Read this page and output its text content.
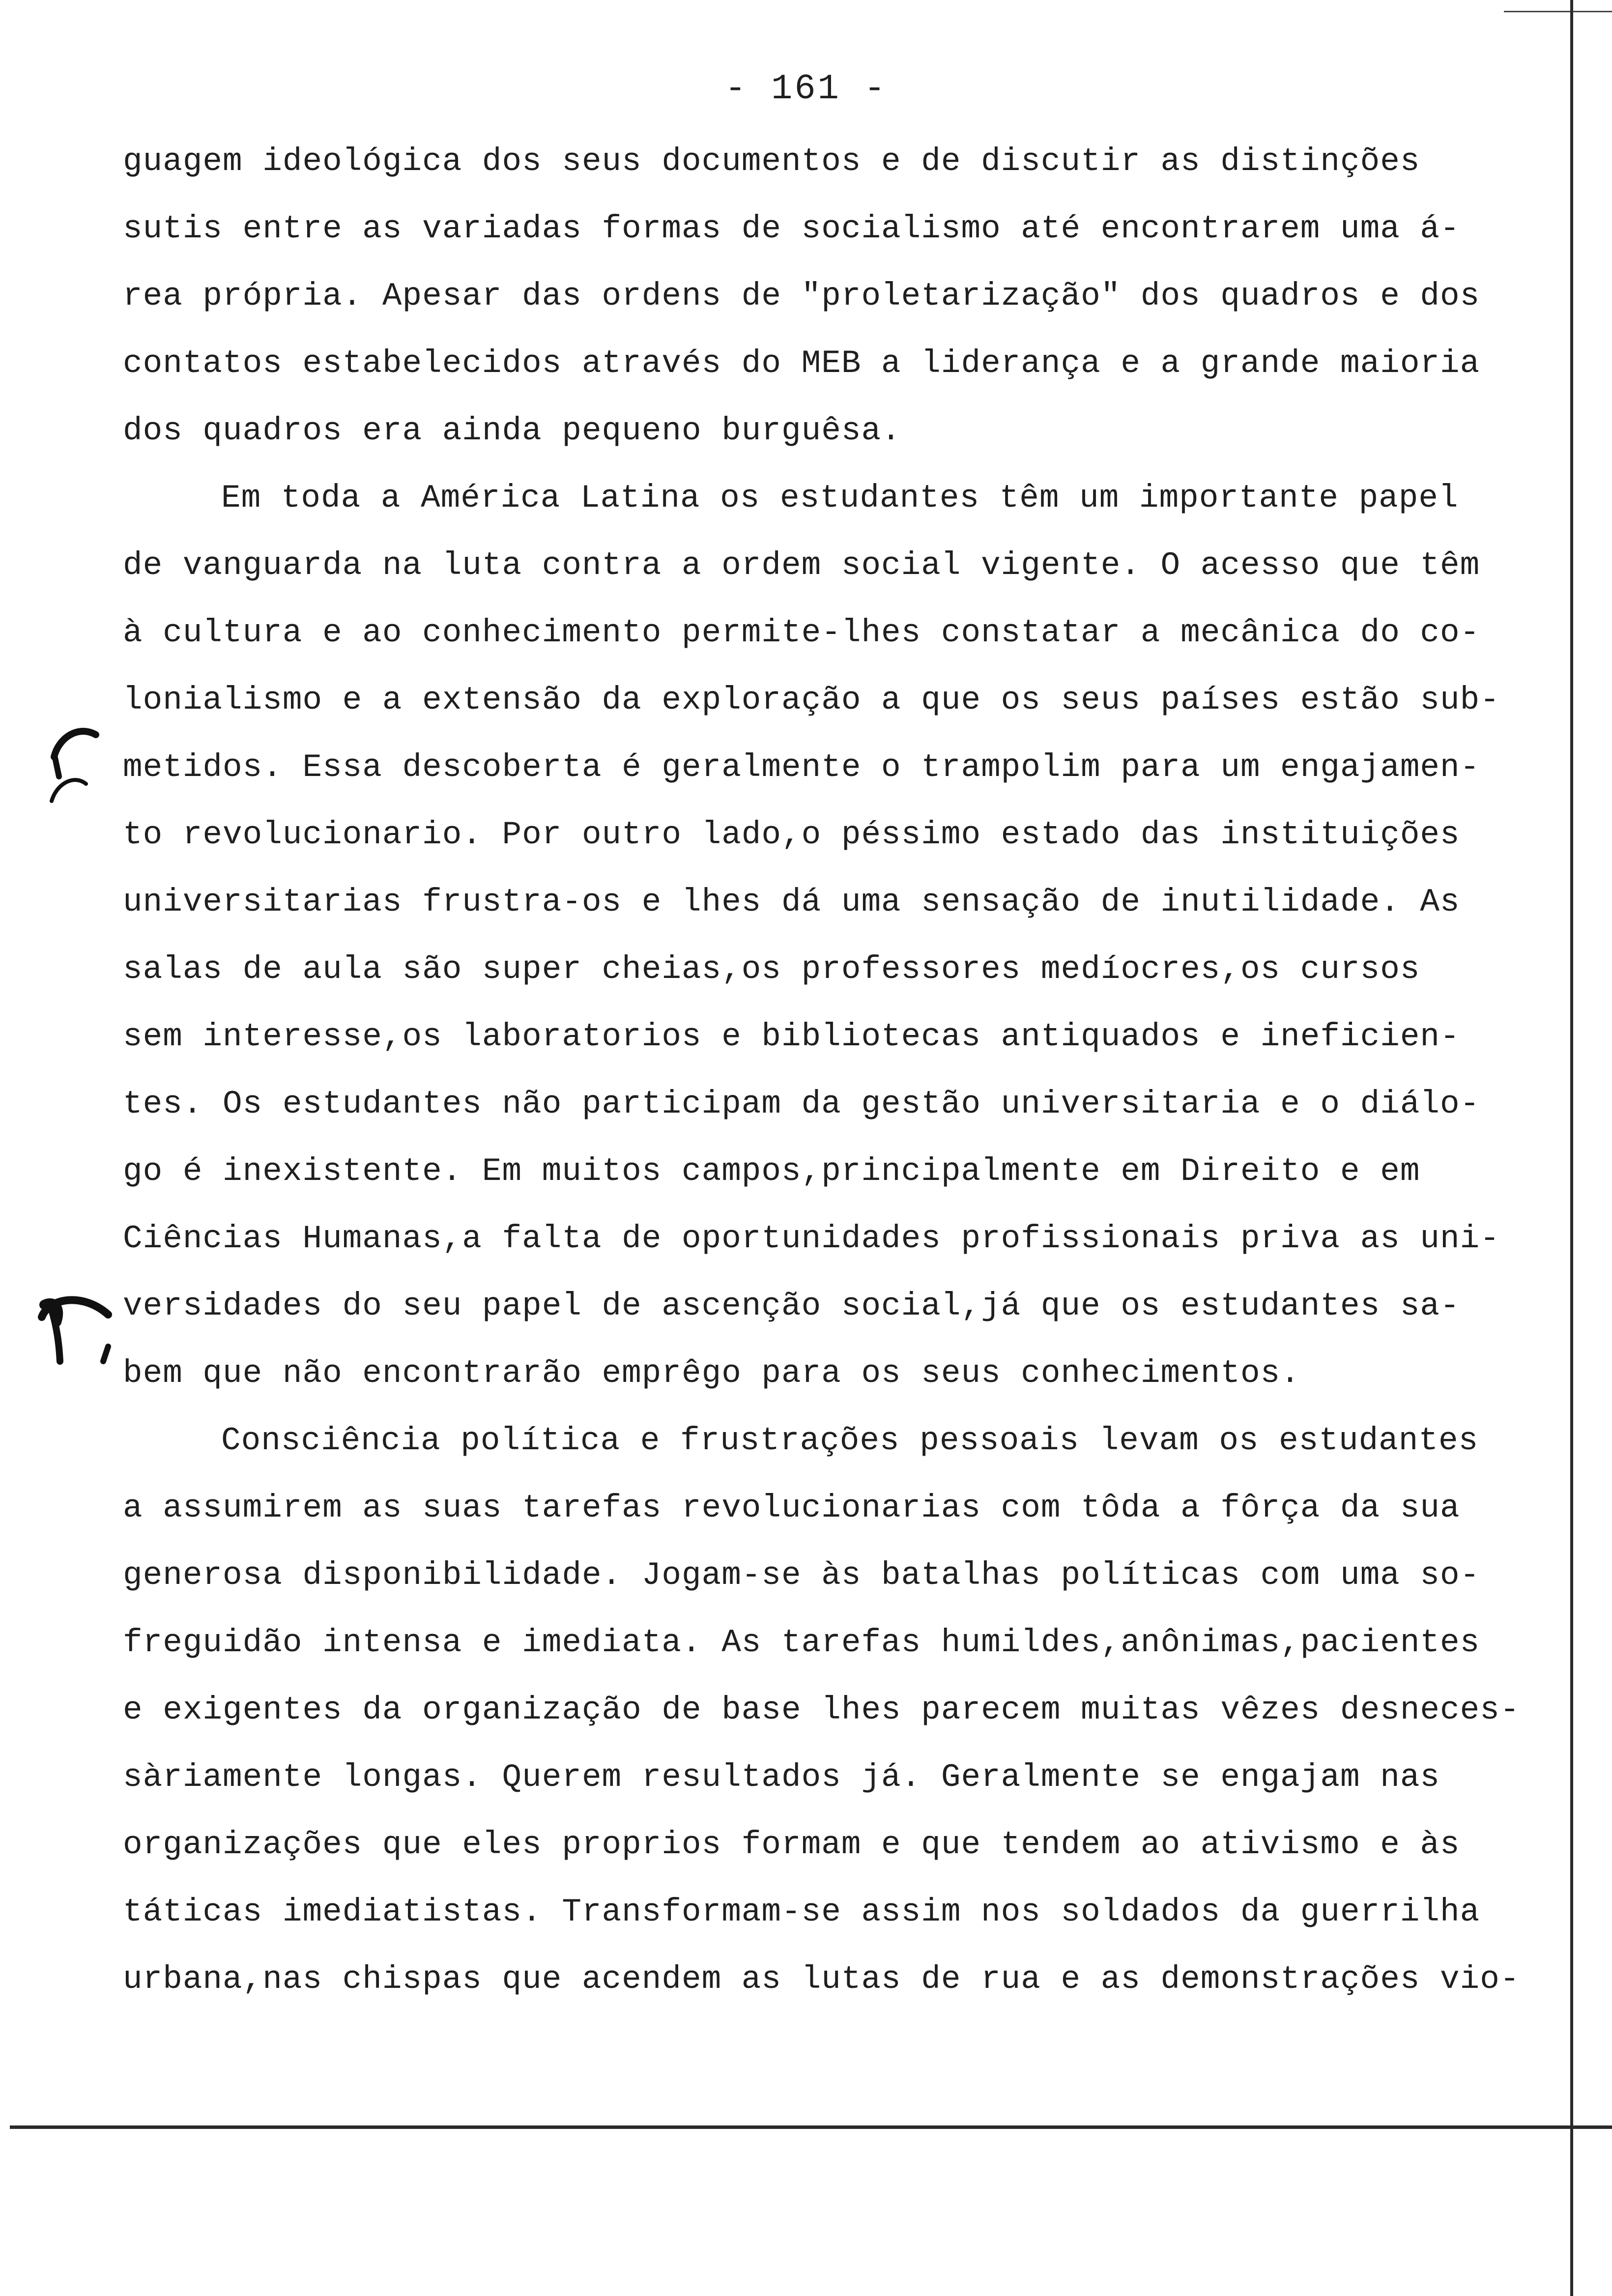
- 161 -
guagem ideológica dos seus documentos e de discutir as distinções
sutis entre as variadas formas de socialismo até encontrarem uma á-
rea própria. Apesar das ordens de "proletarização" dos quadros e dos
contatos estabelecidos através do MEB a liderança e a grande maioria
dos quadros era ainda pequeno burguêsa.
Em toda a América Latina os estudantes têm um importante papel
de vanguarda na luta contra a ordem social vigente. O acesso que têm
à cultura e ao conhecimento permite-lhes constatar a mecânica do co-
lonialismo e a extensão da exploração a que os seus países estão sub-
metidos. Essa descoberta é geralmente o trampolim para um engajamen-
to revolucionario. Por outro lado,o péssimo estado das instituições
universitarias frustra-os e lhes dá uma sensação de inutilidade. As
salas de aula são super cheias,os professores medíocres,os cursos
sem interesse,os laboratorios e bibliotecas antiquados e ineficien-
tes. Os estudantes não participam da gestão universitaria e o diálo-
go é inexistente. Em muitos campos,principalmente em Direito e em
Ciências Humanas,a falta de oportunidades profissionais priva as uni-
versidades do seu papel de ascenção social,já que os estudantes sa-
bem que não encontrarão emprêgo para os seus conhecimentos.
Consciência política e frustrações pessoais levam os estudantes
a assumirem as suas tarefas revolucionarias com tôda a fôrça da sua
generosa disponibilidade. Jogam-se às batalhas políticas com uma so-
freguidão intensa e imediata. As tarefas humildes,anônimas,pacientes
e exigentes da organização de base lhes parecem muitas vêzes desneces-
sàriamente longas. Querem resultados já. Geralmente se engajam nas
organizações que eles proprios formam e que tendem ao ativismo e às
táticas imediatistas. Transformam-se assim nos soldados da guerrilha
urbana,nas chispas que acendem as lutas de rua e as demonstrações vio-
